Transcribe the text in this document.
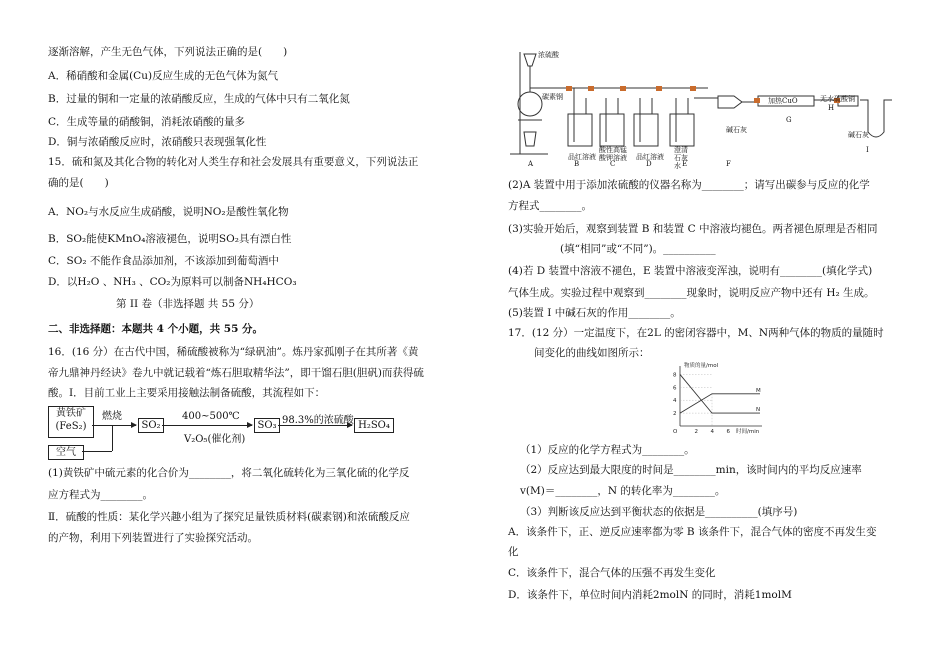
逐渐溶解，产生无色气体，下列说法正确的是(　　)
A．稀硝酸和金属(Cu)反应生成的无色气体为氮气
B．过量的铜和一定量的浓硝酸反应，生成的气体中只有二氧化氮
C．生成等量的硝酸铜，消耗浓硝酸的量多
D．铜与浓硝酸反应时，浓硝酸只表现强氧化性
15．硫和氮及其化合物的转化对人类生存和社会发展具有重要意义，下列说法正
确的是(　　)
A．NO₂与水反应生成硝酸，说明NO₂是酸性氧化物
B．SO₂能使KMnO₄溶液褪色，说明SO₂具有漂白性
C．SO₂ 不能作食品添加剂，不该添加到葡萄酒中
D．以H₂O 、NH₃ 、CO₂为原料可以制备NH₄HCO₃
第 II 卷（非选择题 共 55 分）
二、非选择题：本题共 4 个小题，共 55 分。
16．(16 分）在古代中国，稀硫酸被称为“绿矾油”。炼丹家孤刚子在其所著《黄
帝九鼎神丹经诀》卷九中就记载着“炼石胆取精华法”，即干馏石胆(胆矾)而获得硫
酸。Ⅰ．目前工业上主要采用接触法制备硫酸，其流程如下：
黄铁矿
(FeS₂)
空气
燃烧
SO₂
400~500℃
V₂O₅(催化剂)
SO₃ 98.3%的浓硫酸 H₂SO₄
(1)黄铁矿中硫元素的化合价为________，将二氧化硫转化为三氧化硫的化学反
应方程式为________。
Ⅱ．硫酸的性质：某化学兴趣小组为了探究足量铁质材料(碳素钢)和浓硫酸反应
的产物，利用下列装置进行了实验探究活动。
浓硫酸
碳素钢
品红溶液
酸性高锰酸钾溶液 品红溶液
澄清石灰水
碱石灰
加热CuO	无水硫酸铜
碱石灰
A	B	C	D	E	F
G
H
I
(2)A 装置中用于添加浓硫酸的仪器名称为________；请写出碳参与反应的化学
方程式________。
(3)实验开始后，观察到装置 B 和装置 C 中溶液均褪色。两者褪色原理是否相同
(填“相同”或“不同”)。__________
(4)若 D 装置中溶液不褪色，E 装置中溶液变浑浊，说明有________(填化学式)
气体生成。实验过程中观察到________现象时，说明反应产物中还有 H₂ 生成。
(5)装置 I 中碱石灰的作用________。
17．(12 分）一定温度下，在2L 的密闭容器中，M、N两种气体的物质的量随时
间变化的曲线如图所示：
M
N
8
6
4
2
O	2 4 6
物质的量/mol
时间/min
（1）反应的化学方程式为________。
（2）反应达到最大限度的时间是________min，该时间内的平均反应速率
v(M)＝________，N 的转化率为________。
（3）判断该反应达到平衡状态的依据是__________(填序号)
A．该条件下，正、逆反应速率都为零 B 该条件下，混合气体的密度不再发生变
化
C．该条件下，混合气体的压强不再发生变化
D．该条件下，单位时间内消耗2molN 的同时，消耗1molM
